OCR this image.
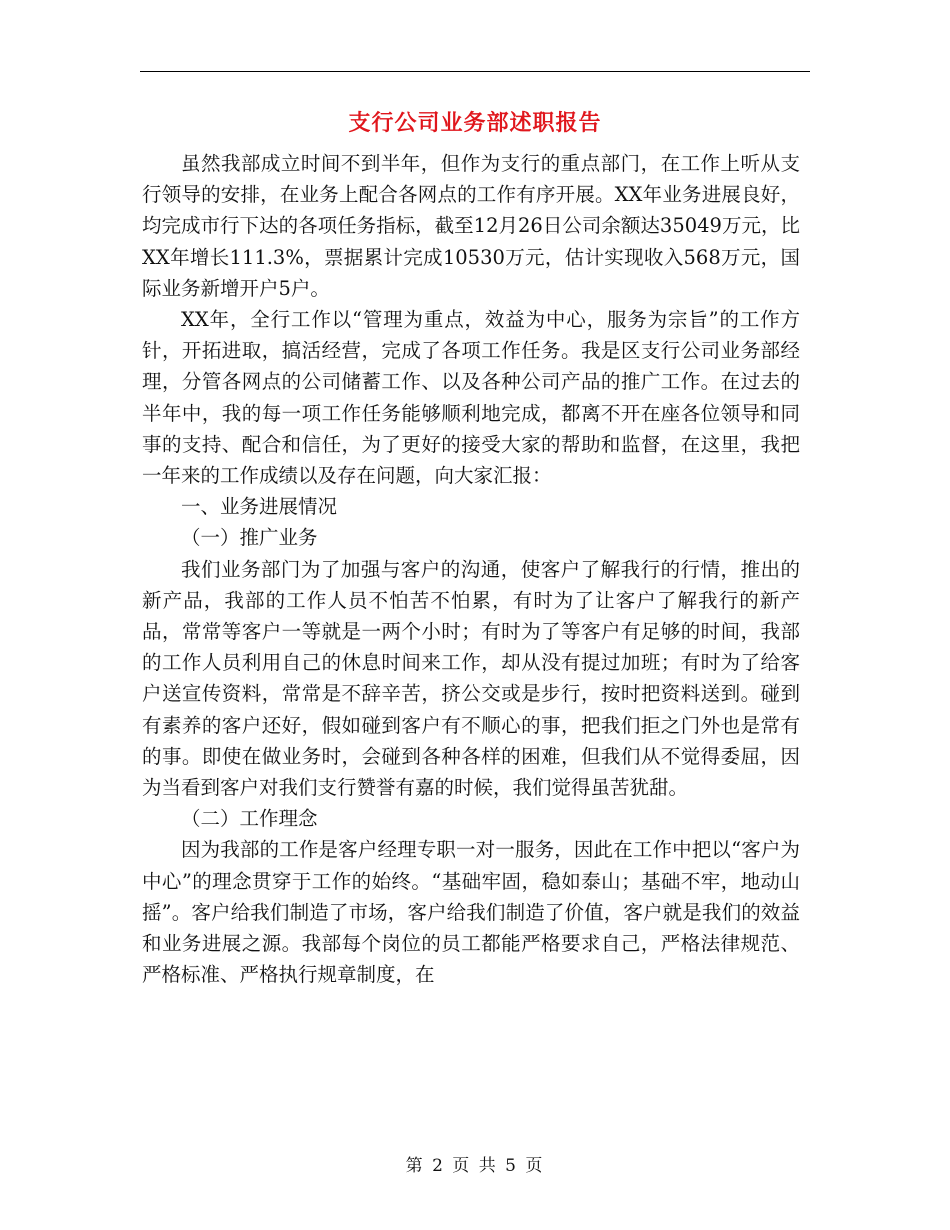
支行公司业务部述职报告

虽然我部成立时间不到半年，但作为支行的重点部门，在工作上听从支行领导的安排，在业务上配合各网点的工作有序开展。XX年业务进展良好，均完成市行下达的各项任务指标，截至12月26日公司余额达35049万元，比XX年增长111.3%，票据累计完成10530万元，估计实现收入568万元，国际业务新增开户5户。

XX年，全行工作以“管理为重点，效益为中心，服务为宗旨”的工作方针，开拓进取，搞活经营，完成了各项工作任务。我是区支行公司业务部经理，分管各网点的公司储蓄工作、以及各种公司产品的推广工作。在过去的半年中，我的每一项工作任务能够顺利地完成，都离不开在座各位领导和同事的支持、配合和信任，为了更好的接受大家的帮助和监督，在这里，我把一年来的工作成绩以及存在问题，向大家汇报：

一、业务进展情况

（一）推广业务

我们业务部门为了加强与客户的沟通，使客户了解我行的行情，推出的新产品，我部的工作人员不怕苦不怕累，有时为了让客户了解我行的新产品，常常等客户一等就是一两个小时；有时为了等客户有足够的时间，我部的工作人员利用自己的休息时间来工作，却从没有提过加班；有时为了给客户送宣传资料，常常是不辞辛苦，挤公交或是步行，按时把资料送到。碰到有素养的客户还好，假如碰到客户有不顺心的事，把我们拒之门外也是常有的事。即使在做业务时，会碰到各种各样的困难，但我们从不觉得委屈，因为当看到客户对我们支行赞誉有嘉的时候，我们觉得虽苦犹甜。

（二）工作理念

因为我部的工作是客户经理专职一对一服务，因此在工作中把以“客户为中心”的理念贯穿于工作的始终。“基础牢固，稳如泰山；基础不牢，地动山摇”。客户给我们制造了市场，客户给我们制造了价值，客户就是我们的效益和业务进展之源。我部每个岗位的员工都能严格要求自己，严格法律规范、严格标准、严格执行规章制度，在

第 2 页 共 5 页
